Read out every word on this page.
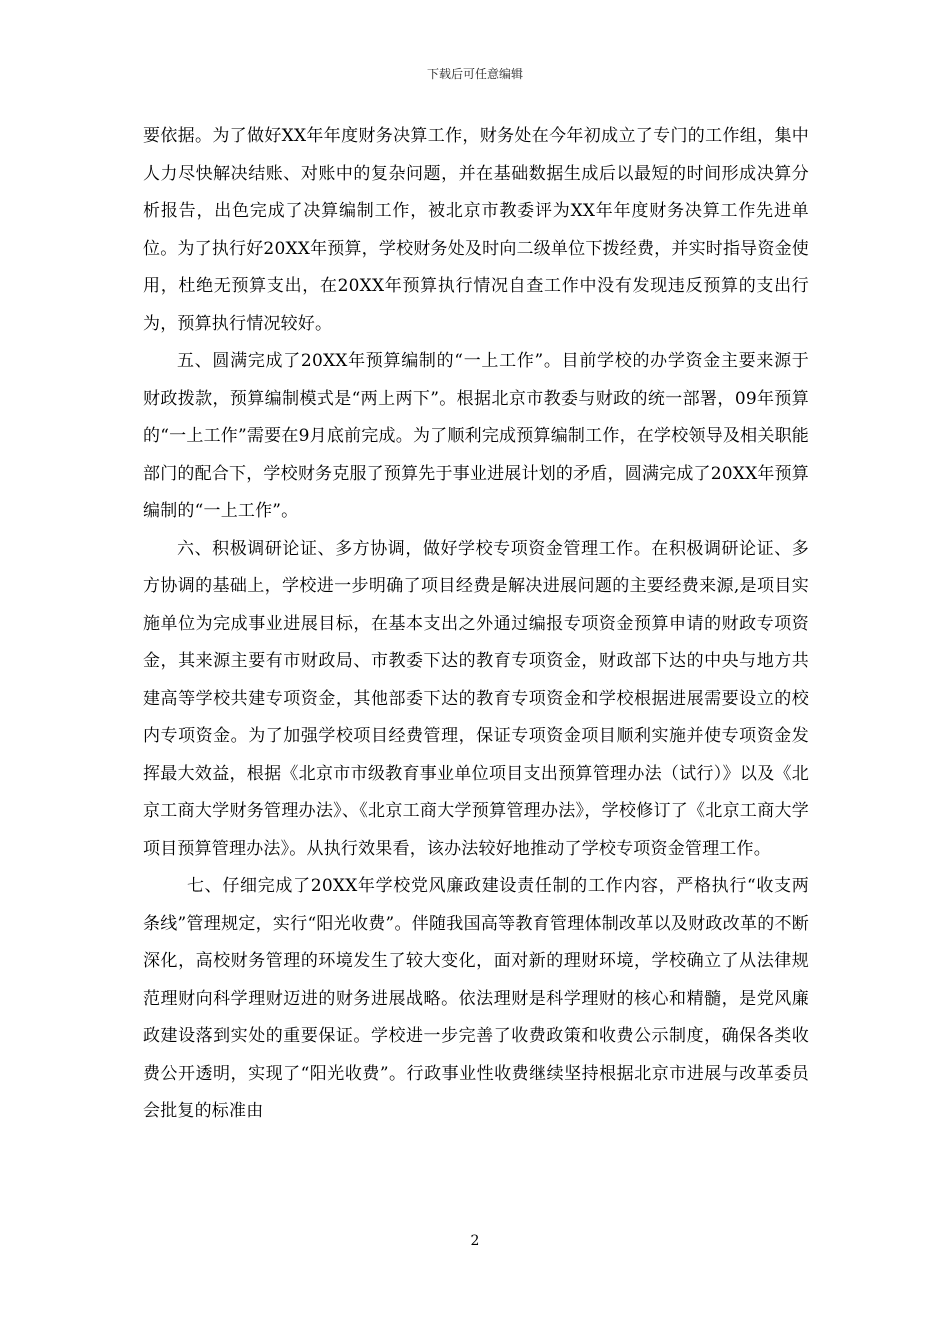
下载后可任意编辑

要依据。为了做好XX年年度财务决算工作，财务处在今年初成立了专门的工作组，集中人力尽快解决结账、对账中的复杂问题，并在基础数据生成后以最短的时间形成决算分析报告，出色完成了决算编制工作，被北京市教委评为XX年年度财务决算工作先进单位。为了执行好20XX年预算，学校财务处及时向二级单位下拨经费，并实时指导资金使用，杜绝无预算支出，在20XX年预算执行情况自查工作中没有发现违反预算的支出行为，预算执行情况较好。

五、圆满完成了20XX年预算编制的“一上工作”。目前学校的办学资金主要来源于财政拨款，预算编制模式是“两上两下”。根据北京市教委与财政的统一部署，09年预算的“一上工作”需要在9月底前完成。为了顺利完成预算编制工作，在学校领导及相关职能部门的配合下，学校财务克服了预算先于事业进展计划的矛盾，圆满完成了20XX年预算编制的“一上工作”。

六、积极调研论证、多方协调，做好学校专项资金管理工作。在积极调研论证、多方协调的基础上，学校进一步明确了项目经费是解决进展问题的主要经费来源,是项目实施单位为完成事业进展目标，在基本支出之外通过编报专项资金预算申请的财政专项资金，其来源主要有市财政局、市教委下达的教育专项资金，财政部下达的中央与地方共建高等学校共建专项资金，其他部委下达的教育专项资金和学校根据进展需要设立的校内专项资金。为了加强学校项目经费管理，保证专项资金项目顺利实施并使专项资金发挥最大效益，根据《北京市市级教育事业单位项目支出预算管理办法（试行）》以及《北京工商大学财务管理办法》、《北京工商大学预算管理办法》，学校修订了《北京工商大学项目预算管理办法》。从执行效果看，该办法较好地推动了学校专项资金管理工作。

七、仔细完成了20XX年学校党风廉政建设责任制的工作内容，严格执行“收支两条线”管理规定，实行“阳光收费”。伴随我国高等教育管理体制改革以及财政改革的不断深化，高校财务管理的环境发生了较大变化，面对新的理财环境，学校确立了从法律规范理财向科学理财迈进的财务进展战略。依法理财是科学理财的核心和精髓，是党风廉政建设落到实处的重要保证。学校进一步完善了收费政策和收费公示制度，确保各类收费公开透明，实现了“阳光收费”。行政事业性收费继续坚持根据北京市进展与改革委员会批复的标准由

2
